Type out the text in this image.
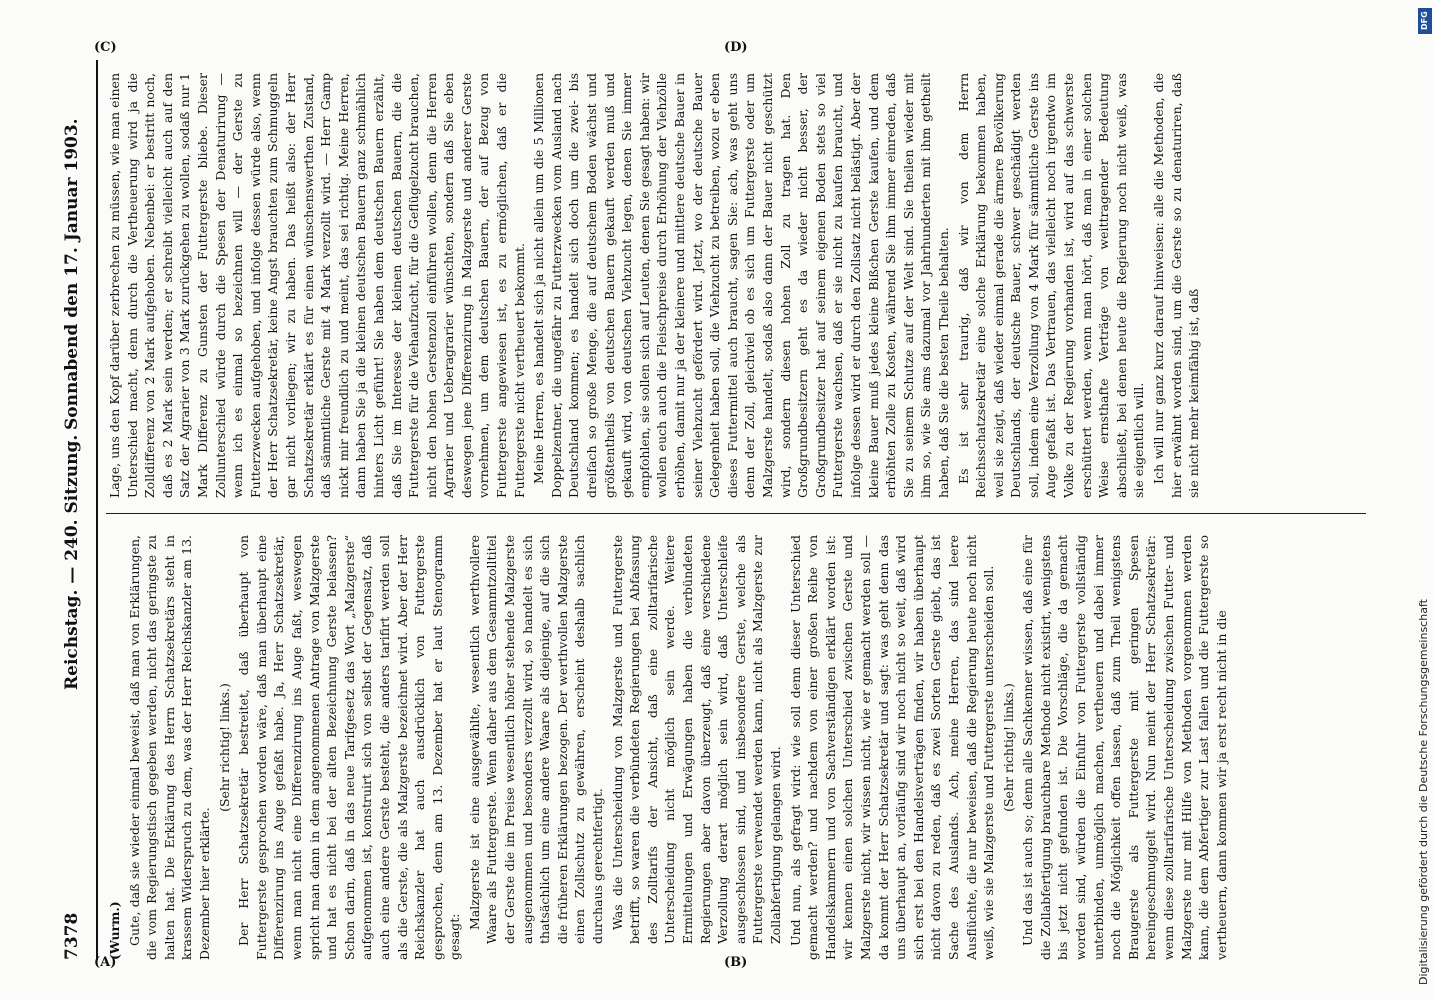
7378
Reichstag. — 240. Sitzung.
Sonnabend den 17. Januar 1903.

(Wurm.) Gute, daß sie wieder einmal beweist, daß man von Erklärungen, die vom Regierungstisch gegeben werden, nicht das geringste zu halten hat. Die Erklärung des Herrn Schatzsekretärs steht in krassem Widerspruch zu dem, was der Herr Reichskanzler am 13. Dezember hier erklärte.

(Sehr richtig! links.) Der Herr Schatzsekretär bestreitet, daß überhaupt von Futtergerste gesprochen worden wäre, daß man überhaupt eine Differenzirung ins Auge gefaßt habe. Ja, Herr Schatzsekretär, wenn man nicht eine Differenzirung ins Auge faßt, weswegen spricht man dann in dem angenommenen Antrage von Malzgerste und hat es nicht bei der alten Bezeichnung Gerste belassen? Schon darin, daß in das neue Tarifgesetz das Wort „Malzgerste“ aufgenommen ist, konstruirt sich von selbst der Gegensatz, daß auch eine andere Gerste besteht, die anders tarifirt werden soll als die Gerste, die als Malzgerste bezeichnet wird. Aber der Herr Reichskanzler hat auch ausdrücklich von Futtergerste gesprochen, denn am 13. Dezember hat er laut Stenogramm gesagt:

Malzgerste ist eine ausgewählte, wesentlich werthvollere Waare als Futtergerste. Wenn daher aus dem Gesammtzolltitel der Gerste die im Preise wesentlich höher stehende Malzgerste ausgenommen und besonders verzollt wird, so handelt es sich thatsächlich um eine andere Waare als diejenige, auf die sich die früheren Erklärungen bezogen. Der werthvollen Malzgerste einen Zollschutz zu gewähren, erscheint deshalb sachlich durchaus gerechtfertigt. Was die Unterscheidung von Malzgerste und Futtergerste betrifft, so waren die verbündeten Regierungen bei Abfassung des Zolltarifs der Ansicht, daß eine zolltarifarische Unterscheidung nicht möglich sein werde. Weitere Ermittelungen und Erwägungen haben die verbündeten Regierungen aber davon überzeugt, daß eine verschiedene Verzollung derart möglich sein wird, daß Unterschleife ausgeschlossen sind, und insbesondere Gerste, welche als Futtergerste verwendet werden kann, nicht als Malzgerste zur Zollabfertigung gelangen wird. Und nun, als gefragt wird: wie soll denn dieser Unterschied gemacht werden? und nachdem von einer großen Reihe von Handelskammern und von Sachverständigen erklärt worden ist: wir kennen einen solchen Unterschied zwischen Gerste und Malzgerste nicht, wir wissen nicht, wie er gemacht werden soll — da kommt der Herr Schatzsekretär und sagt: was geht denn das uns überhaupt an, vorläufig sind wir noch nicht so weit, daß wird sich erst bei den Handelsverträgen finden, wir haben überhaupt nicht davon zu reden, daß es zwei Sorten Gerste giebt, das ist Sache des Auslands. Ach, meine Herren, das sind leere Ausflüchte, die nur beweisen, daß die Regierung heute noch nicht weiß, wie sie Malzgerste und Futtergerste unterscheiden soll. (Sehr richtig! links.) Und das ist auch so; denn alle Sachkenner wissen, daß eine für die Zollabfertigung brauchbare Methode nicht existirt, wenigstens bis jetzt nicht gefunden ist. Die Vorschläge, die da gemacht worden sind, würden die Einfuhr von Futtergerste vollständig unterbinden, unmöglich machen, vertheuern und dabei immer noch die Möglichkeit offen lassen, daß zum Theil wenigstens Braugerste als Futtergerste mit geringen Spesen hereingeschmuggelt wird. Nun meint der Herr Schatzsekretär: wenn diese zolltarifarische Unterscheidung zwischen Futter- und Malzgerste nur mit Hilfe von Methoden vorgenommen werden kann, die dem Abfertiger zur Last fallen und die Futtergerste so vertheuern, dann kommen wir ja erst recht nicht in die

Lage, uns den Kopf darüber zerbrechen zu müssen, wie man einen Unterschied macht, denn durch die Vertheuerung wird ja die Zolldifferenz von 2 Mark aufgehoben. Nebenbei: er bestritt noch, daß es 2 Mark sein werden; er schreibt vielleicht auch auf den Satz der Agrarier von 3 Mark zurückgehen zu wollen, sodaß nur 1 Mark Differenz zu Gunsten der Futtergerste bliebe. Dieser Zollunterschied würde durch die Spesen der Denaturirung — wenn ich es einmal so bezeichnen will — der Gerste zu Futterzwecken aufgehoben, und infolge dessen würde also, wenn der Herr Schatzsekretär, keine Angst brauchten zum Schmuggeln gar nicht vorliegen; wir zu haben. Das heißt also: der Herr Schatzsekretär erklärt es für einen wünschenswerthen Zustand, daß sämmtliche Gerste mit 4 Mark verzollt wird. — Herr Gamp nickt mir freundlich zu und meint, das sei richtig. Meine Herren, dann haben Sie ja die kleinen deutschen Bauern ganz schmählich hinters Licht geführt! Sie haben dem deutschen Bauern erzählt, daß Sie im Interesse der kleinen deutschen Bauern, die die Futtergerste für die Viehaufzucht, für die Geflügelzucht brauchen, nicht den hohen Gerstenzoll einführen wollen, denn die Herren Agrarier und Ueberagrarier wünschten, sondern daß Sie eben deswegen jene Differenzirung in Malzgerste und anderer Gerste vornehmen, um dem deutschen Bauern, der auf Bezug von Futtergerste angewiesen ist, es zu ermöglichen, daß er die Futtergerste nicht vertheuert bekommt. Meine Herren, es handelt sich ja nicht allein um die 5 Millionen Doppelzentner, die ungefähr zu Futterzwecken vom Ausland nach Deutschland kommen; es handelt sich doch um die zwei- bis dreifach so große Menge, die auf deutschem Boden wächst und größtentheils von deutschen Bauern gekauft werden muß und gekauft wird, von deutschen Viehzucht legen, denen Sie immer empfohlen, sie sollen sich auf Leuten, denen Sie gesagt haben: wir wollen euch auch die Fleischpreise durch Erhöhung der Viehzölle erhöhen, damit nur ja der kleinere und mittlere deutsche Bauer in seiner Viehzucht gefördert wird. Jetzt, wo der deutsche Bauer Gelegenheit haben soll, die Viehzucht zu betreiben, wozu er eben dieses Futtermittel auch braucht, sagen Sie: ach, was geht uns denn der Zoll, gleichviel ob es sich um Futtergerste oder um Malzgerste handelt, sodaß also dann der Bauer nicht geschützt wird, sondern diesen hohen Zoll zu tragen hat. Den Großgrundbesitzern geht es da wieder nicht besser, der Großgrundbesitzer hat auf seinem eigenen Boden stets so viel Futtergerste wachsen, daß er sie nicht zu kaufen braucht, und infolge dessen wird er durch den Zollsatz nicht belästigt. Aber der kleine Bauer muß jedes kleine Bißchen Gerste kaufen, und dem erhöhten Zolle zu Kosten, während Sie ihm immer einreden, daß Sie zu seinem Schutze auf der Welt sind. Sie theilen wieder mit ihm so, wie Sie ams dazumal vor Jahrhunderten mit ihm getheilt haben, daß Sie die besten Theile behalten. Es ist sehr traurig, daß wir von dem Herrn Reichsschatzsekretär eine solche Erklärung bekommen haben, weil sie zeigt, daß wieder einmal gerade die ärmere Bevölkerung Deutschlands, der deutsche Bauer, schwer geschädigt werden soll, indem eine Verzollung von 4 Mark für sämmtliche Gerste ins Auge gefaßt ist. Das Vertrauen, das vielleicht noch irgendwo im Volke zu der Regierung vorhanden ist, wird auf das schwerste erschüttert werden, wenn man hört, daß man in einer solchen Weise ernsthafte Verträge von weittragender Bedeutung abschließt, bei denen heute die Regierung noch nicht weiß, was sie eigentlich will. Ich will nur ganz kurz darauf hinweisen: alle die Methoden, die hier erwähnt worden sind, um die Gerste so zu denaturiren, daß sie nicht mehr keimfähig ist, daß

(A)	(B)
(C)	(D)
DFG
Digitalisierung gefördert durch die Deutsche Forschungsgemeinschaft
